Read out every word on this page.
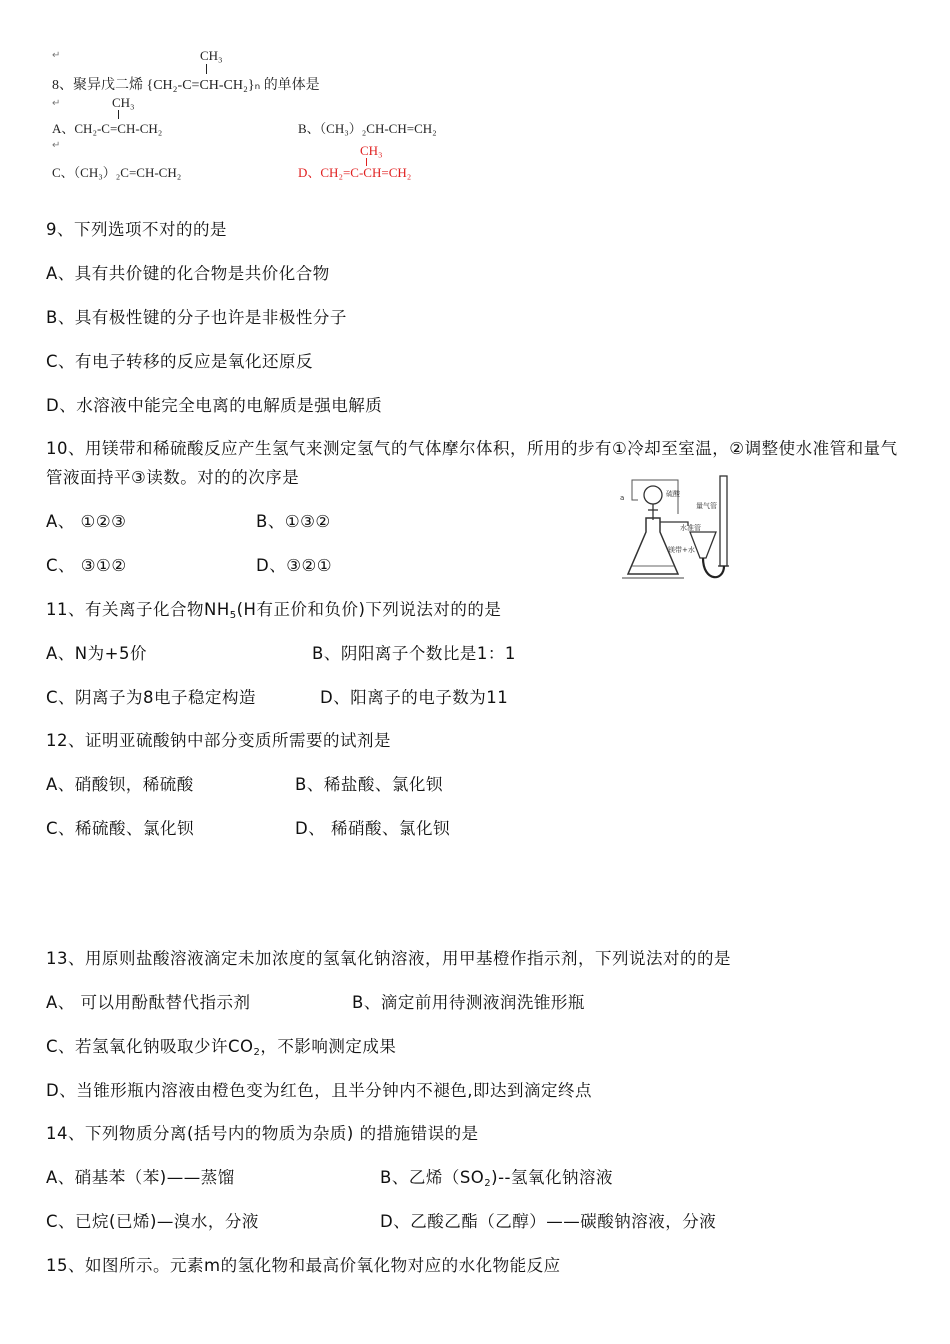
↵	CH₃
8、聚异戊二烯 {CH₂-C=CH-CH₂}ₙ 的单体是
↵	CH₃
A、CH₂-C=CH-CH₂	B、（CH₃）₂CH-CH=CH₂
↵	CH₃
C、（CH₃）₂C=CH-CH₂	D、CH₂=C-CH=CH₂
9、下列选项不对的的是
A、具有共价键的化合物是共价化合物
B、具有极性键的分子也许是非极性分子
C、有电子转移的反应是氧化还原反
D、水溶液中能完全电离的电解质是强电解质
10、用镁带和稀硫酸反应产生氢气来测定氢气的气体摩尔体积，所用的步有①冷却至室温，②调整使水准管和量气管液面持平③读数。对的的次序是
A、 ①②③	B、①③②
C、 ③①②	D、③②①
a	硫酸
量气管
水准管
镁带+水
11、有关离子化合物$NH_5(H$有正价和负价)下列说法对的的是
A、N为+5价	B、阴阳离子个数比是1：1
C、阴离子为8电子稳定构造	D、阳离子的电子数为11
12、证明亚硫酸钠中部分变质所需要的试剂是
A、硝酸钡，稀硫酸	B、稀盐酸、氯化钡
C、稀硫酸、氯化钡	D、 稀硝酸、氯化钡
13、用原则盐酸溶液滴定未加浓度的氢氧化钠溶液，用甲基橙作指示剂，下列说法对的的是
A、 可以用酚酞替代指示剂	B、滴定前用待测液润洗锥形瓶
C、若氢氧化钠吸取少许$CO_2$，不影响测定成果
D、当锥形瓶内溶液由橙色变为红色，且半分钟内不褪色,即达到滴定终点
14、下列物质分离(括号内的物质为杂质) 的措施错误的是
A、硝基苯（苯)——蒸馏	B、乙烯$(SO_2)--$氢氧化钠溶液
C、已烷(已烯)—溴水，分液	D、乙酸乙酯（乙醇）——碳酸钠溶液，分液
15、如图所示。元素m的氢化物和最高价氧化物对应的水化物能反应
